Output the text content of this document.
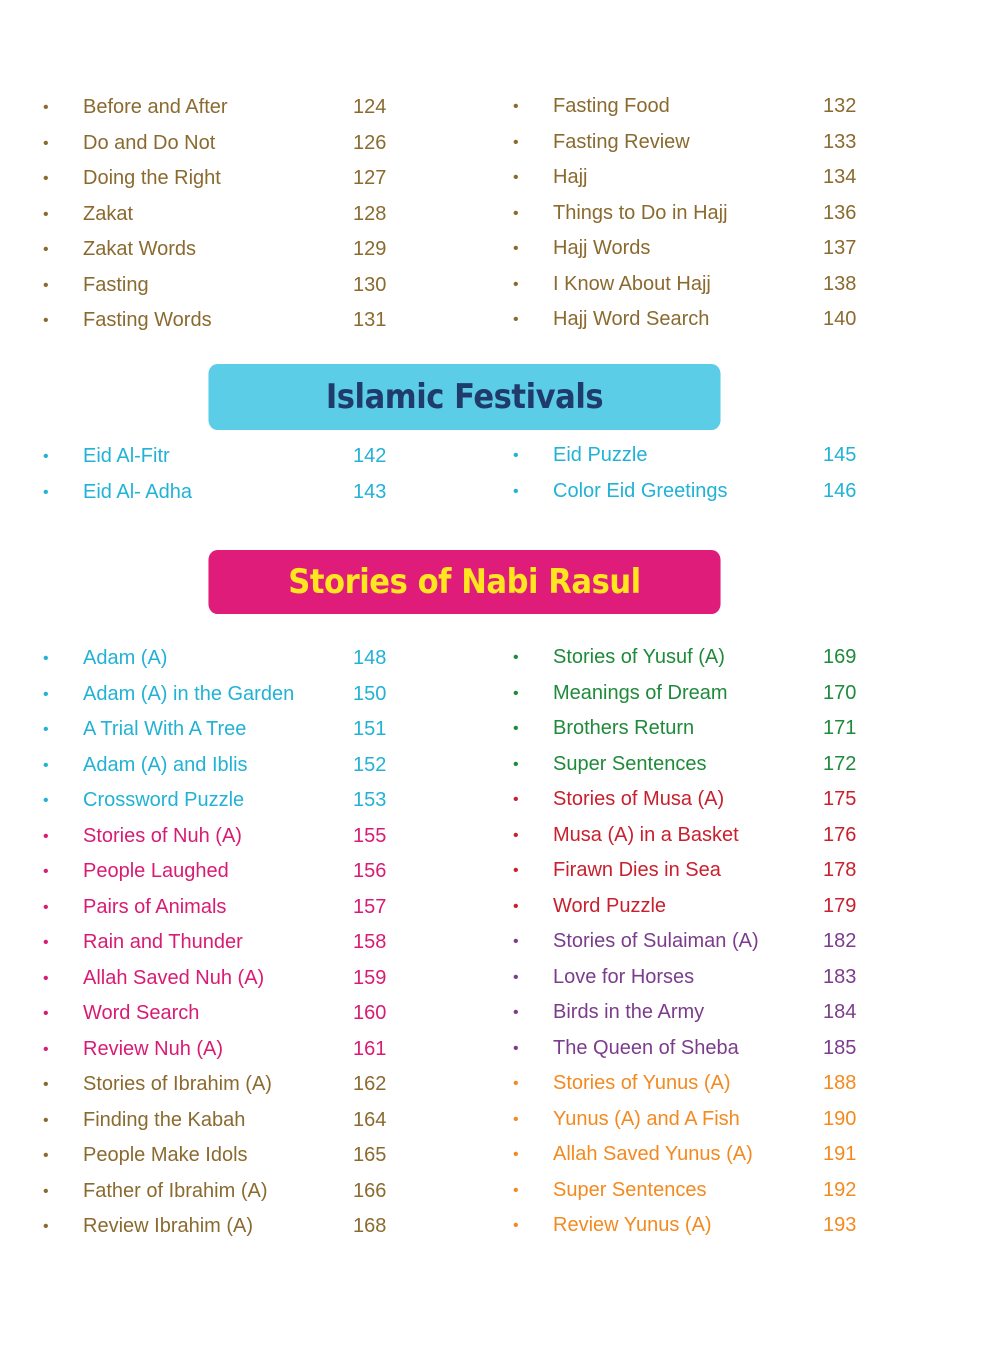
• Before and After	124
• Do and Do Not	126
• Doing the Right	127
• Zakat	128
• Zakat Words	129
• Fasting	130
• Fasting Words	131
• Fasting Food	132
• Fasting Review	133
• Hajj	134
• Things to Do in Hajj	136
• Hajj Words	137
• I Know About Hajj	138
• Hajj Word Search	140
Islamic Festivals
• Eid Al-Fitr	142
• Eid Al- Adha	143
• Eid Puzzle	145
• Color Eid Greetings	146
Stories of Nabi Rasul
• Adam (A)	148
• Adam (A) in the Garden	150
• A Trial With A Tree	151
• Adam (A) and Iblis	152
• Crossword Puzzle	153
• Stories of Nuh (A)	155
• People Laughed	156
• Pairs of Animals	157
• Rain and Thunder	158
• Allah Saved Nuh (A)	159
• Word Search	160
• Review Nuh (A)	161
• Stories of Ibrahim (A)	162
• Finding the Kabah	164
• People Make Idols	165
• Father of Ibrahim (A)	166
• Review Ibrahim (A)	168
• Stories of Yusuf (A)	169
• Meanings of Dream	170
• Brothers Return	171
• Super Sentences	172
• Stories of Musa (A)	175
• Musa (A) in a Basket	176
• Firawn Dies in Sea	178
• Word Puzzle	179
• Stories of Sulaiman (A)	182
• Love for Horses	183
• Birds in the Army	184
• The Queen of Sheba	185
• Stories of Yunus (A)	188
• Yunus (A) and A Fish	190
• Allah Saved Yunus (A)	191
• Super Sentences	192
• Review Yunus (A)	193
